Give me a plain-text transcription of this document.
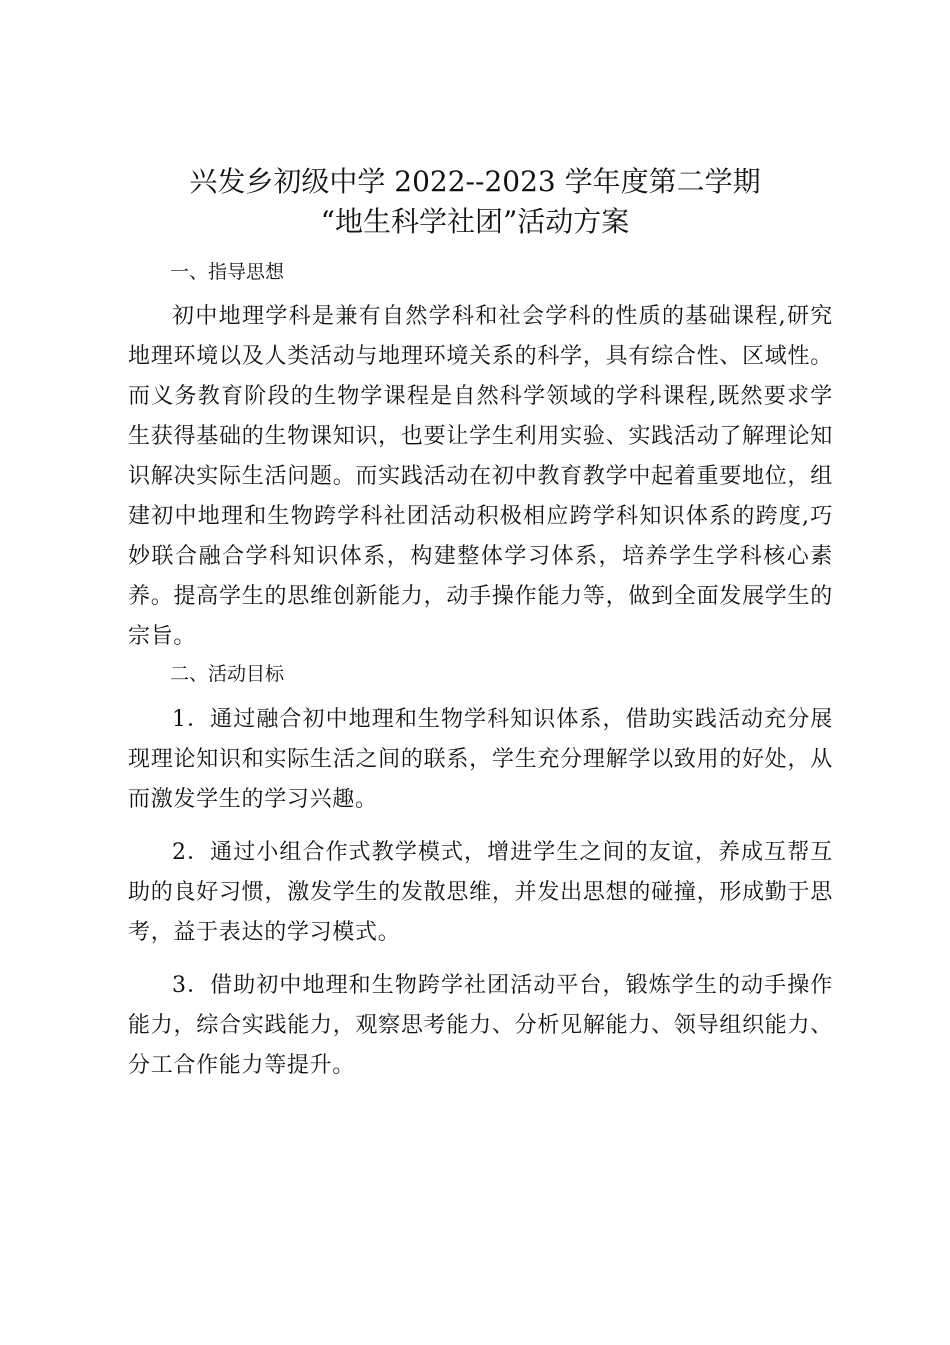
兴发乡初级中学 2022--2023 学年度第二学期
“地生科学社团”活动方案
一、指导思想

初中地理学科是兼有自然学科和社会学科的性质的基础课程,研究地理环境以及人类活动与地理环境关系的科学，具有综合性、区域性。而义务教育阶段的生物学课程是自然科学领域的学科课程,既然要求学生获得基础的生物课知识，也要让学生利用实验、实践活动了解理论知识解决实际生活问题。而实践活动在初中教育教学中起着重要地位，组建初中地理和生物跨学科社团活动积极相应跨学科知识体系的跨度,巧妙联合融合学科知识体系，构建整体学习体系，培养学生学科核心素养。提高学生的思维创新能力，动手操作能力等，做到全面发展学生的宗旨。

二、活动目标

1．通过融合初中地理和生物学科知识体系，借助实践活动充分展现理论知识和实际生活之间的联系，学生充分理解学以致用的好处，从而激发学生的学习兴趣。

2．通过小组合作式教学模式，增进学生之间的友谊，养成互帮互助的良好习惯，激发学生的发散思维，并发出思想的碰撞，形成勤于思考，益于表达的学习模式。

3．借助初中地理和生物跨学社团活动平台，锻炼学生的动手操作能力，综合实践能力，观察思考能力、分析见解能力、领导组织能力、分工合作能力等提升。
